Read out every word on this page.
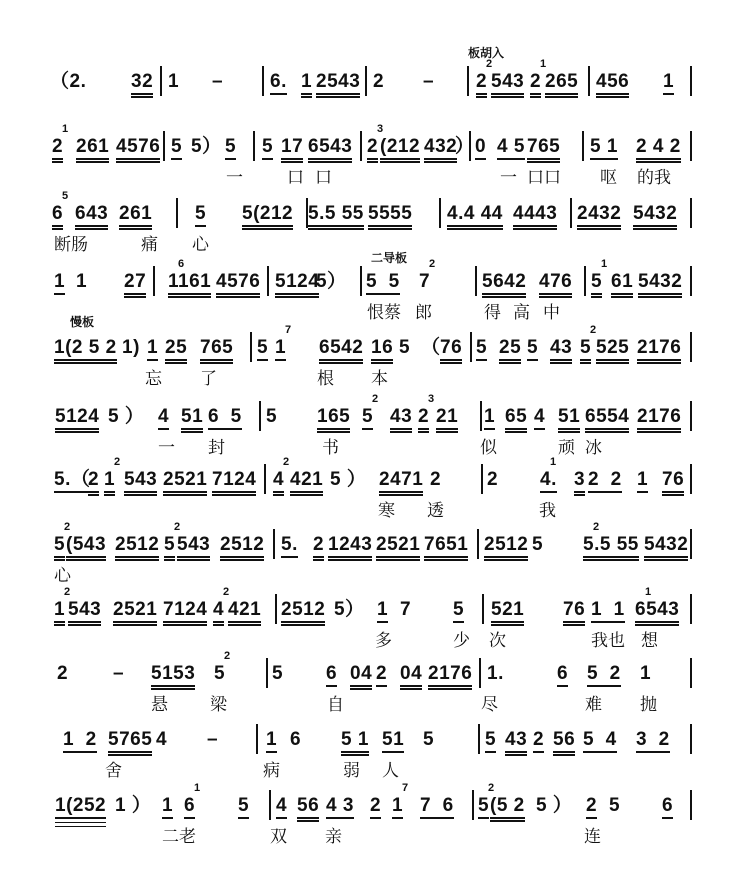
板胡入
二导板
慢板
（2. 32 1 – 6. 1 2543 2 – 2
2
543 2
1
265 456 1
2
1
261 4576 5 5） 5 5 17 6543 2
3
(212 432
） 0 4 5 765 5 1 2 4 2
一	口 口	一 口口 呕 的我
6
5
643 261 5 5(212 5.5 55 5555 4.4 44 4443 2432 5432
断肠	痛 心
1 1 27 1161
6
4576 5124
5） 5  5 7
2
5642 476 5
1
61 5432
恨蔡 郎	得 高 中
1(2 5 2 1) 1 25 765 5 1
7
6542 16 5 （ 76 5 25 5 43 5
2
525 2176
忘 了	根 本
5124 5 ） 4 51 6  5 5 165 5
2
43 2
3
21 1 65 4 51 6554 2176
一 封	书	似	顽 冰
5.（
2 1
2
543 2521 7124 4
2
421 5 ） 2471 2 2 4.
1
3 2  2 1 76
寒 透	我
5
2
(543 2512 5
2
543 2512 5. 2 1243 2521 7651 2512 5 5.5 55
2
5432
心
1
2
543 2521 7124 4
2
421 2512 5） 1 7 5 521 76 1  1 6543
1
多	少 次	我也 想
2 – 5153 5
2
5 6 04 2 04 2176 1.	6 5  2 1
悬 梁	自	尽	难 抛
1  2 5765 4 –	1 6 5 1 51 5	5 43 2 56 5  4 3  2
舍	病	弱 人
1(252 1 ） 1 6
1
5 4 56 4 3 2 1
7
7  6 5
2
(5 2 5 ） 2 5 6
二老	双 亲	连
